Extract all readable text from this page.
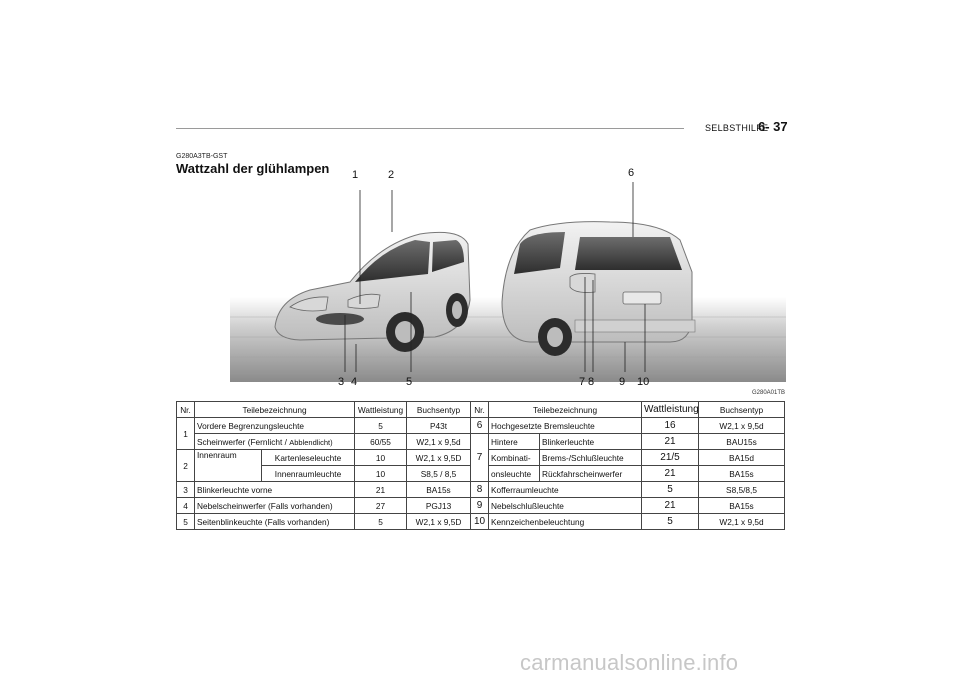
SELBSTHILFE
6- 37
G280A3TB-GST
Wattzahl der glühlampen 1	2
3 4	5
6
7 8 9 10
G280A01TB
Nr.	Teilebezeichnung		Wattleistung	Buchsentyp	Nr.	Teilebezeichnung		Wattleistung	Buchsentyp
1	Vordere Begrenzungsleuchte		5	P43t	6	Hochgesetzte Bremsleuchte		16	W2,1 x 9,5d
	Scheinwerfer (Fernlicht / Abblendlicht)		60/55	W2,1 x 9,5d	7	Hintere	Blinkerleuchte	21	BAU15s
2	Innenraum	Kartenleseleuchte	10	W2,1 x 9,5D		Kombinati-	Brems-/Schlußleuchte	21/5	BA15d
		Innenraumleuchte	10	S8,5 / 8,5		onsleuchte	Rückfahrscheinwerfer	21	BA15s
3	Blinkerleuchte vorne		21	BA15s	8	Kofferraumleuchte		5	S8,5/8,5
4	Nebelscheinwerfer (Falls vorhanden)		27	PGJ13	9	Nebelschlußleuchte		21	BA15s
5	Seitenblinkeuchte (Falls vorhanden)		5	W2,1 x 9,5D	10	Kennzeichenbeleuchtung		5	W2,1 x 9,5d
carmanualsonline.info
